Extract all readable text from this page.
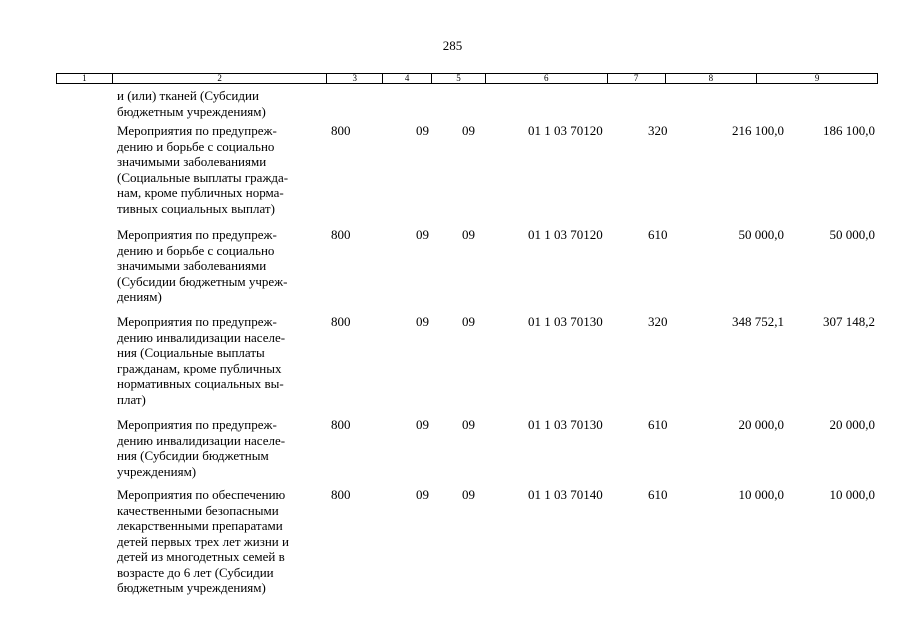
285
1	2	3	4	5	6	7	8	9
и (или) тканей (Субсидии
бюджетным учреждениям)
Мероприятия по предупреж-
дению и борьбе с социально
значимыми заболеваниями
(Социальные выплаты гражда-
нам, кроме публичных норма-
тивных социальных выплат)
800	09	09	01 1 03 70120	320	216 100,0	186 100,0
Мероприятия по предупреж-
дению и борьбе с социально
значимыми заболеваниями
(Субсидии бюджетным учреж-
дениям)
800	09	09	01 1 03 70120	610	50 000,0	50 000,0
Мероприятия по предупреж-
дению инвалидизации населе-
ния (Социальные выплаты
гражданам, кроме публичных
нормативных социальных вы-
плат)
800	09	09	01 1 03 70130	320	348 752,1	307 148,2
Мероприятия по предупреж-
дению инвалидизации населе-
ния (Субсидии бюджетным
учреждениям)
800	09	09	01 1 03 70130	610	20 000,0	20 000,0
Мероприятия по обеспечению
качественными безопасными
лекарственными препаратами
детей первых трех лет жизни и
детей из многодетных семей в
возрасте до 6 лет (Субсидии
бюджетным учреждениям)
800	09	09	01 1 03 70140	610	10 000,0	10 000,0
